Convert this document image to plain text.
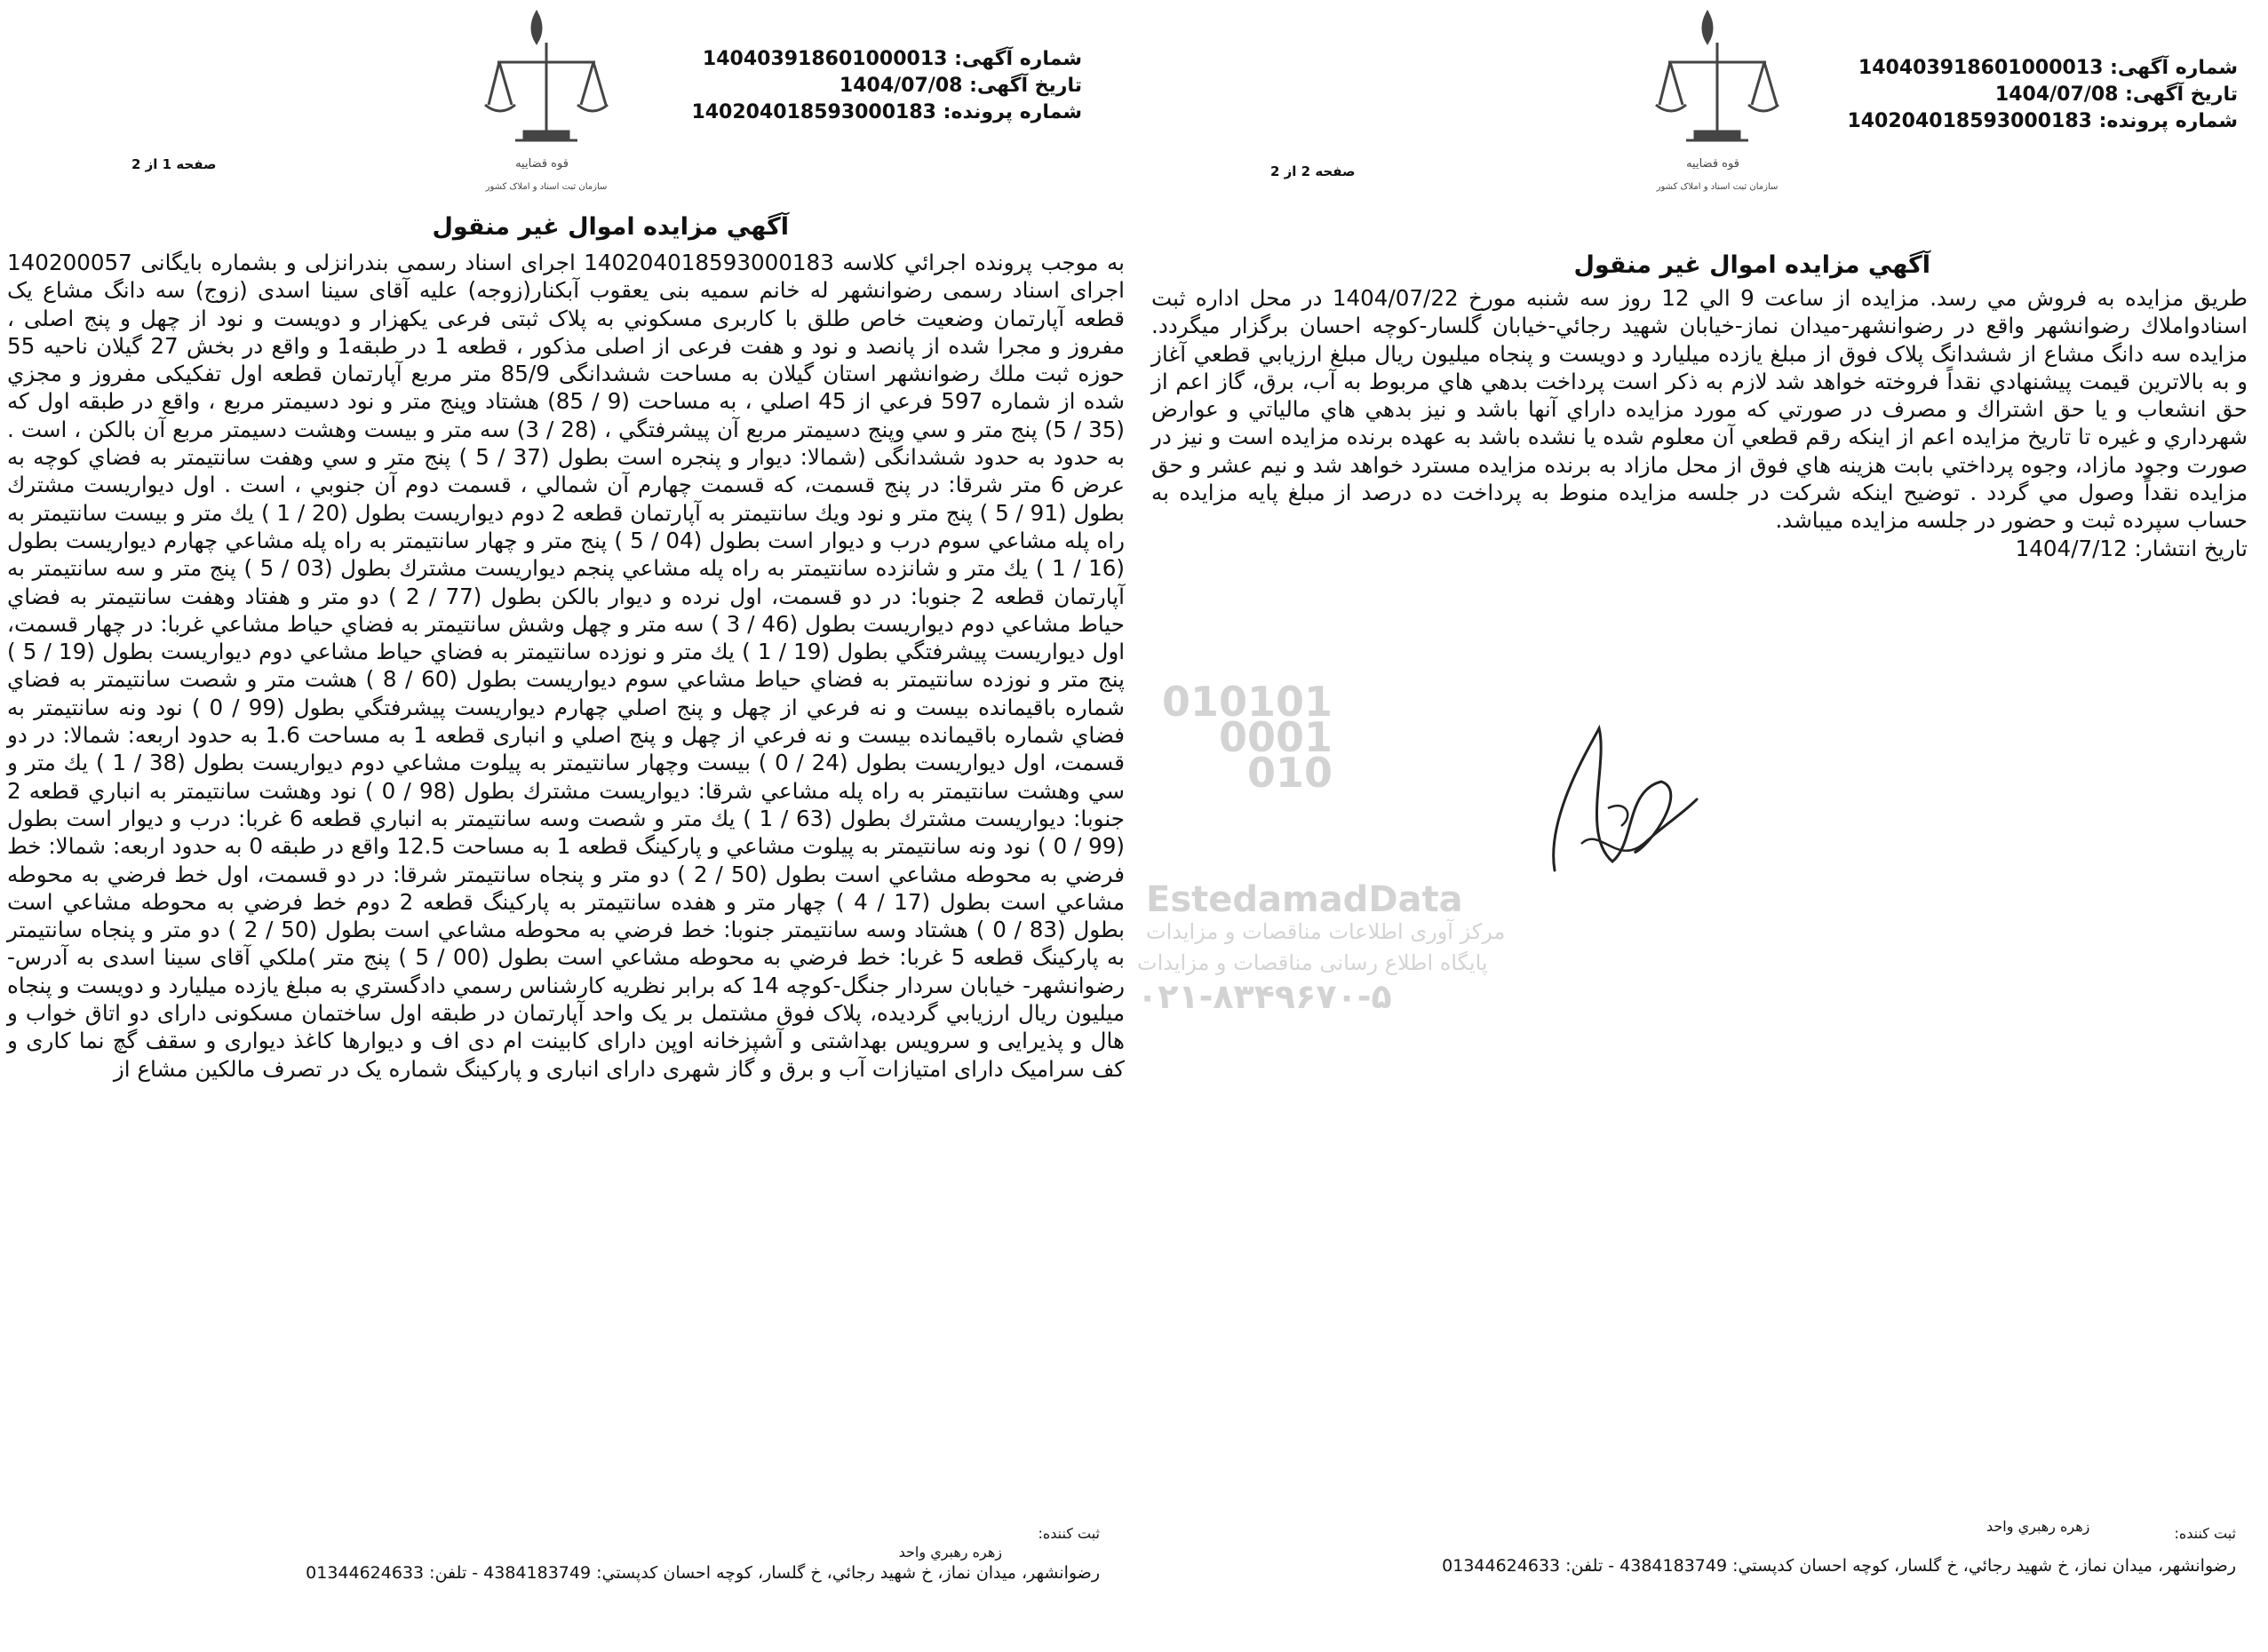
قوه قضاییه
سازمان ثبت اسناد و املاک کشور
شماره آگهی: 140403918601000013
تاریخ آگهی: 1404/07/08
شماره پرونده: 140204018593000183
صفحه 1 از 2
آگهي مزايده اموال غير منقول
به موجب پرونده اجرائي كلاسه 140204018593000183 اجرای اسناد رسمی بندرانزلی و بشماره بایگانی 140200057 اجرای اسناد رسمی رضوانشهر له خانم سمیه بنی یعقوب آبکنار(زوجه) علیه آقای سینا اسدی (زوج) سه دانگ مشاع یک قطعه آپارتمان وضعیت خاص طلق با کاربری مسكوني به پلاک ثبتی فرعی یکهزار و دویست و نود از چهل و پنج اصلی ، مفروز و مجرا شده از پانصد و نود و هفت فرعی از اصلی مذکور ، قطعه 1 در طبقه1 و واقع در بخش 27 گيلان ناحيه 55 حوزه ثبت ملك رضوانشهر استان گيلان به مساحت ششدانگی 85/9 متر مربع آپارتمان قطعه اول تفکیکی مفروز و مجزي شده از شماره 597 فرعي از 45 اصلي ، به مساحت (9 / 85) هشتاد وپنج متر و نود دسيمتر مربع ، واقع در طبقه اول كه (35 / 5) پنج متر و سي وپنج دسيمتر مربع آن پيشرفتگي ، (28 / 3) سه متر و بيست وهشت دسيمتر مربع آن بالكن ، است . به حدود به حدود ششدانگی (شمالا: ديوار و پنجره است بطول (37 / 5 ) پنج متر و سي وهفت سانتيمتر به فضاي كوچه به عرض 6 متر شرقا: در پنج قسمت، كه قسمت چهارم آن شمالي ، قسمت دوم آن جنوبي ، است . اول ديواريست مشترك بطول (91 / 5 ) پنج متر و نود ويك سانتيمتر به آپارتمان قطعه 2 دوم ديواريست بطول (20 / 1 ) يك متر و بيست سانتيمتر به راه پله مشاعي سوم درب و ديوار است بطول (04 / 5 ) پنج متر و چهار سانتيمتر به راه پله مشاعي چهارم ديواريست بطول (16 / 1 ) يك متر و شانزده سانتيمتر به راه پله مشاعي پنجم ديواريست مشترك بطول (03 / 5 ) پنج متر و سه سانتيمتر به آپارتمان قطعه 2 جنوبا: در دو قسمت، اول نرده و ديوار بالكن بطول (77 / 2 ) دو متر و هفتاد وهفت سانتيمتر به فضاي حياط مشاعي دوم ديواريست بطول (46 / 3 ) سه متر و چهل وشش سانتيمتر به فضاي حياط مشاعي غربا: در چهار قسمت، اول ديواريست پيشرفتگي بطول (19 / 1 ) يك متر و نوزده سانتيمتر به فضاي حياط مشاعي دوم ديواريست بطول (19 / 5 ) پنج متر و نوزده سانتيمتر به فضاي حياط مشاعي سوم ديواريست بطول (60 / 8 ) هشت متر و شصت سانتيمتر به فضاي شماره باقيمانده بيست و نه فرعي از چهل و پنج اصلي چهارم ديواريست پيشرفتگي بطول (99 / 0 ) نود ونه سانتيمتر به فضاي شماره باقيمانده بيست و نه فرعي از چهل و پنج اصلي و انباری قطعه 1 به مساحت 1.6 به حدود اربعه: شمالا: در دو قسمت، اول ديواريست بطول (24 / 0 ) بيست وچهار سانتيمتر به پيلوت مشاعي دوم ديواريست بطول (38 / 1 ) يك متر و سي وهشت سانتيمتر به راه پله مشاعي شرقا: ديواريست مشترك بطول (98 / 0 ) نود وهشت سانتيمتر به انباري قطعه 2 جنوبا: ديواريست مشترك بطول (63 / 1 ) يك متر و شصت وسه سانتيمتر به انباري قطعه 6 غربا: درب و ديوار است بطول (99 / 0 ) نود ونه سانتيمتر به پيلوت مشاعي و پاركينگ قطعه 1 به مساحت 12.5 واقع در طبقه 0 به حدود اربعه: شمالا: خط فرضي به محوطه مشاعي است بطول (50 / 2 ) دو متر و پنجاه سانتيمتر شرقا: در دو قسمت، اول خط فرضي به محوطه مشاعي است بطول (17 / 4 ) چهار متر و هفده سانتيمتر به پاركينگ قطعه 2 دوم خط فرضي به محوطه مشاعي است بطول (83 / 0 ) هشتاد وسه سانتيمتر جنوبا: خط فرضي به محوطه مشاعي است بطول (50 / 2 ) دو متر و پنجاه سانتيمتر به پاركينگ قطعه 5 غربا: خط فرضي به محوطه مشاعي است بطول (00 / 5 ) پنج متر )ملکي آقای سینا اسدی به آدرس- رضوانشهر- خیابان سردار جنگل-کوچه 14 كه برابر نظريه كارشناس رسمي دادگستري به مبلغ يازده ميلیارد و دويست و پنجاه ميليون ريال ارزيابي گرديده، پلاک فوق مشتمل بر یک واحد آپارتمان در طبقه اول ساختمان مسکونی دارای دو اتاق خواب و هال و پذیرایی و سرویس بهداشتی و آشپزخانه اوپن دارای کابینت ام دی اف و دیوارها کاغذ دیواری و سقف گچ نما کاری و کف سرامیک دارای امتیازات آب و برق و گاز شهری دارای انباری و پارکینگ شماره یک در تصرف مالکین مشاع از
010101 0001 010
EstedamadData
مرکز آوری اطلاعات مناقصات و مزایدات
پایگاه اطلاع رسانی مناقصات و مزایدات
۰۲۱-۸۳۴۹۶۷۰-۵
ثبت كننده:
زهره رهبري واحد
رضوانشهر، ميدان نماز، خ شهيد رجائي، خ گلسار، كوچه احسان كدپستي: 4384183749 - تلفن: 01344624633
قوه قضاییه
سازمان ثبت اسناد و املاک کشور
شماره آگهی: 140403918601000013
تاریخ آگهی: 1404/07/08
شماره پرونده: 140204018593000183
صفحه 2 از 2
آگهي مزايده اموال غير منقول
طريق مزايده به فروش مي رسد. مزايده از ساعت 9 الي 12 روز سه شنبه مورخ 1404/07/22 در محل اداره ثبت اسنادواملاك رضوانشهر واقع در رضوانشهر-ميدان نماز-خيابان شهيد رجائي-خيابان گلسار-كوچه احسان برگزار ميگردد. مزايده سه دانگ مشاع از ششدانگ پلاک فوق از مبلغ يازده ميلیارد و دويست و پنجاه ميليون ريال مبلغ ارزيابي قطعي آغاز و به بالاترين قيمت پيشنهادي نقداً فروخته خواهد شد لازم به ذكر است پرداخت بدهي هاي مربوط به آب، برق، گاز اعم از حق انشعاب و يا حق اشتراك و مصرف در صورتي كه مورد مزايده داراي آنها باشد و نيز بدهي هاي مالياتي و عوارض شهرداري و غيره تا تاريخ مزايده اعم از اينكه رقم قطعي آن معلوم شده يا نشده باشد به عهده برنده مزايده است و نيز در صورت وجود مازاد، وجوه پرداختي بابت هزينه هاي فوق از محل مازاد به برنده مزايده مسترد خواهد شد و نيم عشر و حق مزايده نقداً وصول مي گردد . توضیح اینکه شرکت در جلسه مزایده منوط به پرداخت ده درصد از مبلغ پایه مزایده به حساب سپرده ثبت و حضور در جلسه مزایده میباشد.
تاریخ انتشار: 1404/7/12
ثبت كننده: زهره رهبري واحد
رضوانشهر، ميدان نماز، خ شهيد رجائي، خ گلسار، كوچه احسان كدپستي: 4384183749 - تلفن: 01344624633
